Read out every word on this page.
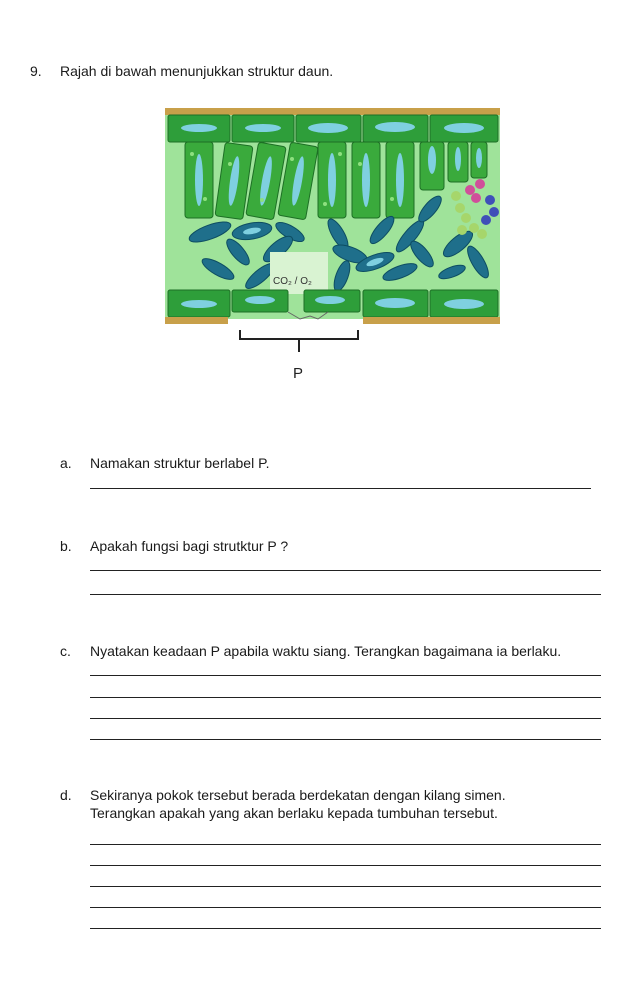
9. Rajah di bawah menunjukkan struktur daun.
CO₂ / O₂
P
a.	Namakan struktur berlabel P.
b.	Apakah fungsi bagi strutktur P ?
c.	Nyatakan keadaan P apabila waktu siang. Terangkan bagaimana ia berlaku.
d.	Sekiranya pokok tersebut berada berdekatan dengan kilang simen. Terangkan apakah yang akan berlaku kepada tumbuhan tersebut.
